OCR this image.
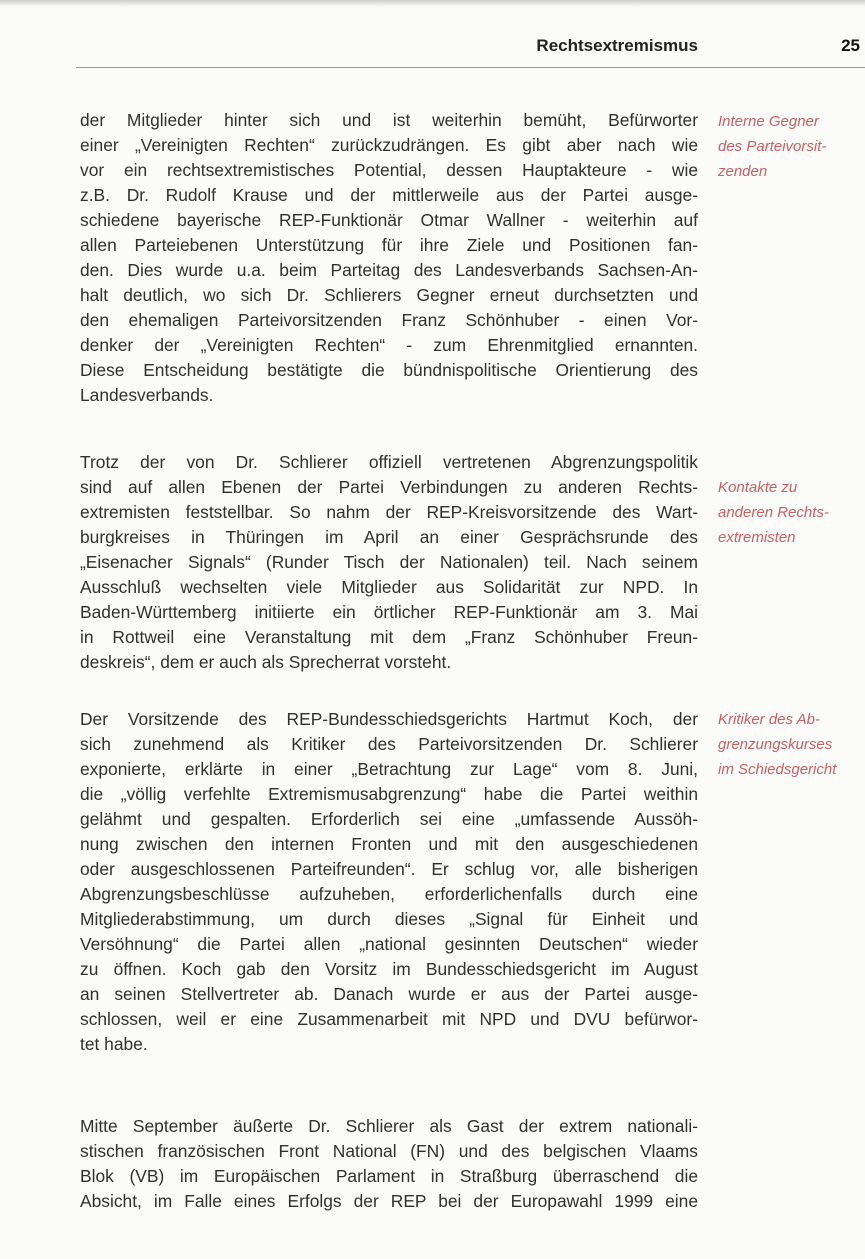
Rechtsextremismus	25
der Mitglieder hinter sich und ist weiterhin bemüht, Befürworter
einer „Vereinigten Rechten“ zurückzudrängen. Es gibt aber nach wie
vor ein rechtsextremistisches Potential, dessen Hauptakteure - wie
z.B. Dr. Rudolf Krause und der mittlerweile aus der Partei ausge-
schiedene bayerische REP-Funktionär Otmar Wallner - weiterhin auf
allen Parteiebenen Unterstützung für ihre Ziele und Positionen fan-
den. Dies wurde u.a. beim Parteitag des Landesverbands Sachsen-An-
halt deutlich, wo sich Dr. Schlierers Gegner erneut durchsetzten und
den ehemaligen Parteivorsitzenden Franz Schönhuber - einen Vor-
denker der „Vereinigten Rechten“ - zum Ehrenmitglied ernannten.
Diese Entscheidung bestätigte die bündnispolitische Orientierung des
Landesverbands.
Trotz der von Dr. Schlierer offiziell vertretenen Abgrenzungspolitik
sind auf allen Ebenen der Partei Verbindungen zu anderen Rechts-
extremisten feststellbar. So nahm der REP-Kreisvorsitzende des Wart-
burgkreises in Thüringen im April an einer Gesprächsrunde des
„Eisenacher Signals“ (Runder Tisch der Nationalen) teil. Nach seinem
Ausschluß wechselten viele Mitglieder aus Solidarität zur NPD. In
Baden-Württemberg initiierte ein örtlicher REP-Funktionär am 3. Mai
in Rottweil eine Veranstaltung mit dem „Franz Schönhuber Freun-
deskreis“, dem er auch als Sprecherrat vorsteht.
Der Vorsitzende des REP-Bundesschiedsgerichts Hartmut Koch, der
sich zunehmend als Kritiker des Parteivorsitzenden Dr. Schlierer
exponierte, erklärte in einer „Betrachtung zur Lage“ vom 8. Juni,
die „völlig verfehlte Extremismusabgrenzung“ habe die Partei weithin
gelähmt und gespalten. Erforderlich sei eine „umfassende Aussöh-
nung zwischen den internen Fronten und mit den ausgeschiedenen
oder ausgeschlossenen Parteifreunden“. Er schlug vor, alle bisherigen
Abgrenzungsbeschlüsse aufzuheben, erforderlichenfalls durch eine
Mitgliederabstimmung, um durch dieses „Signal für Einheit und
Versöhnung“ die Partei allen „national gesinnten Deutschen“ wieder
zu öffnen. Koch gab den Vorsitz im Bundesschiedsgericht im August
an seinen Stellvertreter ab. Danach wurde er aus der Partei ausge-
schlossen, weil er eine Zusammenarbeit mit NPD und DVU befürwor-
tet habe.
Mitte September äußerte Dr. Schlierer als Gast der extrem nationali-
stischen französischen Front National (FN) und des belgischen Vlaams
Blok (VB) im Europäischen Parlament in Straßburg überraschend die
Absicht, im Falle eines Erfolgs der REP bei der Europawahl 1999 eine
Interne Gegner
des Parteivorsit-
zenden
Kontakte zu
anderen Rechts-
extremisten
Kritiker des Ab-
grenzungskurses
im Schiedsgericht
